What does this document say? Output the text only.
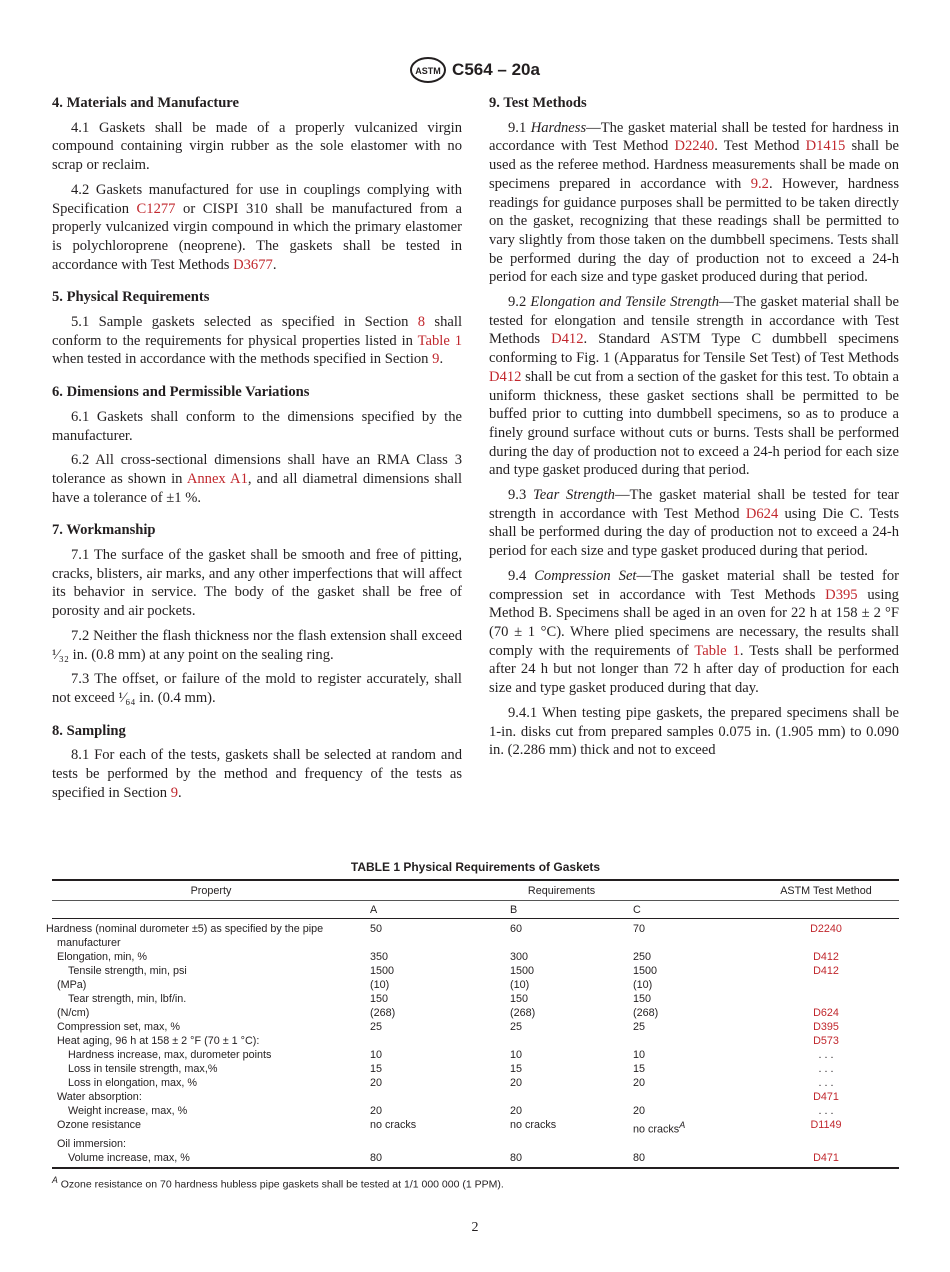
ASTM C564 – 20a
4. Materials and Manufacture

4.1 Gaskets shall be made of a properly vulcanized virgin compound containing virgin rubber as the sole elastomer with no scrap or reclaim.

4.2 Gaskets manufactured for use in couplings complying with Specification C1277 or CISPI 310 shall be manufactured from a properly vulcanized virgin compound in which the primary elastomer is polychloroprene (neoprene). The gaskets shall be tested in accordance with Test Methods D3677.

5. Physical Requirements

5.1 Sample gaskets selected as specified in Section 8 shall conform to the requirements for physical properties listed in Table 1 when tested in accordance with the methods specified in Section 9.

6. Dimensions and Permissible Variations

6.1 Gaskets shall conform to the dimensions specified by the manufacturer.

6.2 All cross-sectional dimensions shall have an RMA Class 3 tolerance as shown in Annex A1, and all diametral dimensions shall have a tolerance of ±1 %.

7. Workmanship

7.1 The surface of the gasket shall be smooth and free of pitting, cracks, blisters, air marks, and any other imperfections that will affect its behavior in service. The body of the gasket shall be free of porosity and air pockets.

7.2 Neither the flash thickness nor the flash extension shall exceed ¹⁄₃₂ in. (0.8 mm) at any point on the sealing ring.

7.3 The offset, or failure of the mold to register accurately, shall not exceed ¹⁄₆₄ in. (0.4 mm).

8. Sampling

8.1 For each of the tests, gaskets shall be selected at random and tests be performed by the method and frequency of the tests as specified in Section 9.

9. Test Methods

9.1 Hardness—The gasket material shall be tested for hardness in accordance with Test Method D2240. Test Method D1415 shall be used as the referee method. Hardness measurements shall be made on specimens prepared in accordance with 9.2. However, hardness readings for guidance purposes shall be permitted to be taken directly on the gasket, recognizing that these readings shall be permitted to vary slightly from those taken on the dumbbell specimens. Tests shall be performed during the day of production not to exceed a 24-h period for each size and type gasket produced during that period.

9.2 Elongation and Tensile Strength—The gasket material shall be tested for elongation and tensile strength in accordance with Test Methods D412. Standard ASTM Type C dumbbell specimens conforming to Fig. 1 (Apparatus for Tensile Set Test) of Test Methods D412 shall be cut from a section of the gasket for this test. To obtain a uniform thickness, these gasket sections shall be permitted to be buffed prior to cutting into dumbbell specimens, so as to produce a finely ground surface without cuts or burns. Tests shall be performed during the day of production not to exceed a 24-h period for each size and type gasket produced during that period.

9.3 Tear Strength—The gasket material shall be tested for tear strength in accordance with Test Method D624 using Die C. Tests shall be performed during the day of production not to exceed a 24-h period for each size and type gasket produced during that period.

9.4 Compression Set—The gasket material shall be tested for compression set in accordance with Test Methods D395 using Method B. Specimens shall be aged in an oven for 22 h at 158 ± 2 °F (70 ± 1 °C). Where plied specimens are necessary, the results shall comply with the requirements of Table 1. Tests shall be performed after 24 h but not longer than 72 h after day of production for each size and type gasket produced during that day.

9.4.1 When testing pipe gaskets, the prepared specimens shall be 1-in. disks cut from prepared samples 0.075 in. (1.905 mm) to 0.090 in. (2.286 mm) thick and not to exceed

TABLE 1 Physical Requirements of Gaskets
Property	Requirements			ASTM Test Method
	A	B	C	
Hardness (nominal durometer ±5) as specified by the pipe manufacturer	50	60	70	D2240
Elongation, min, %	350	300	250	D412
Tensile strength, min, psi	1500	1500	1500	D412
(MPa)	(10)	(10)	(10)	
Tear strength, min, lbf/in.	150	150	150	
(N/cm)	(268)	(268)	(268)	D624
Compression set, max, %	25	25	25	D395
Heat aging, 96 h at 158 ± 2 °F (70 ± 1 °C):				D573
Hardness increase, max, durometer points	10	10	10	. . .
Loss in tensile strength, max,%	15	15	15	. . .
Loss in elongation, max, %	20	20	20	. . .
Water absorption:				D471
Weight increase, max, %	20	20	20	. . .
Ozone resistance	no cracks	no cracks	no cracks$^A$	D1149
Oil immersion:				
Volume increase, max, %	80	80	80	D471
$^A$ Ozone resistance on 70 hardness hubless pipe gaskets shall be tested at 1/1 000 000 (1 PPM).
2
